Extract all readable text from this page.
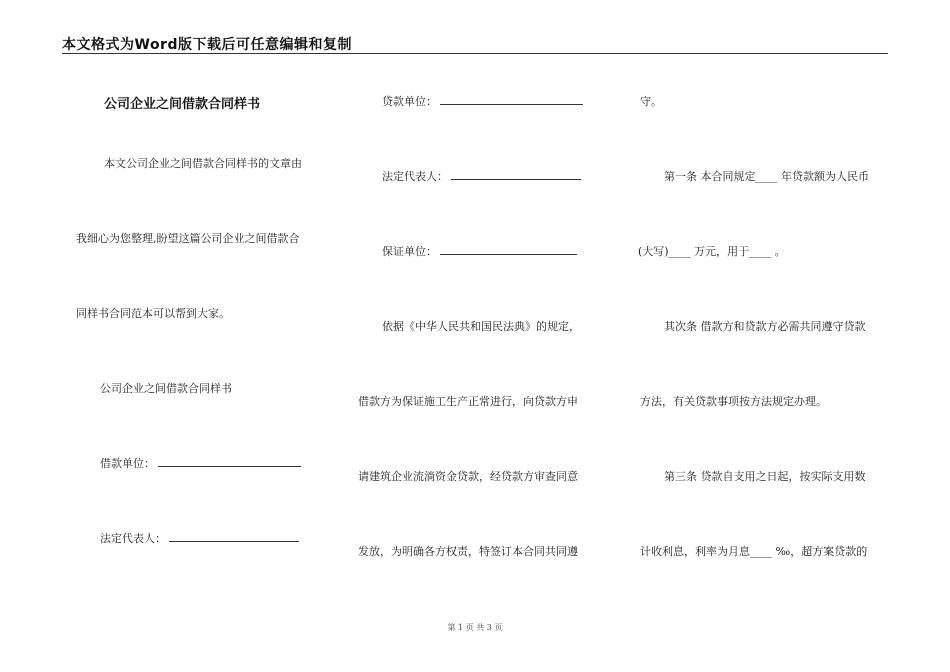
本文格式为Word版下载后可任意编辑和复制
公司企业之间借款合同样书
本文公司企业之间借款合同样书的文章由
我细心为您整理,盼望这篇公司企业之间借款合
同样书合同范本可以帮到大家。
公司企业之间借款合同样书
借款单位：
法定代表人：
贷款单位：
法定代表人：
保证单位：
依据《中华人民共和国民法典》的规定，
借款方为保证施工生产正常进行，向贷款方申
请建筑企业流淌资金贷款，经贷款方审查同意
发放，为明确各方权责，特签订本合同共同遵
守。
第一条 本合同规定____ 年贷款额为人民币
(大写)____ 万元，用于____ 。
其次条 借款方和贷款方必需共同遵守贷款
方法，有关贷款事项按方法规定办理。
第三条 贷款自支用之日起，按实际支用数
计收利息，利率为月息____ ‰，超方案贷款的
第 1 页 共 3 页
